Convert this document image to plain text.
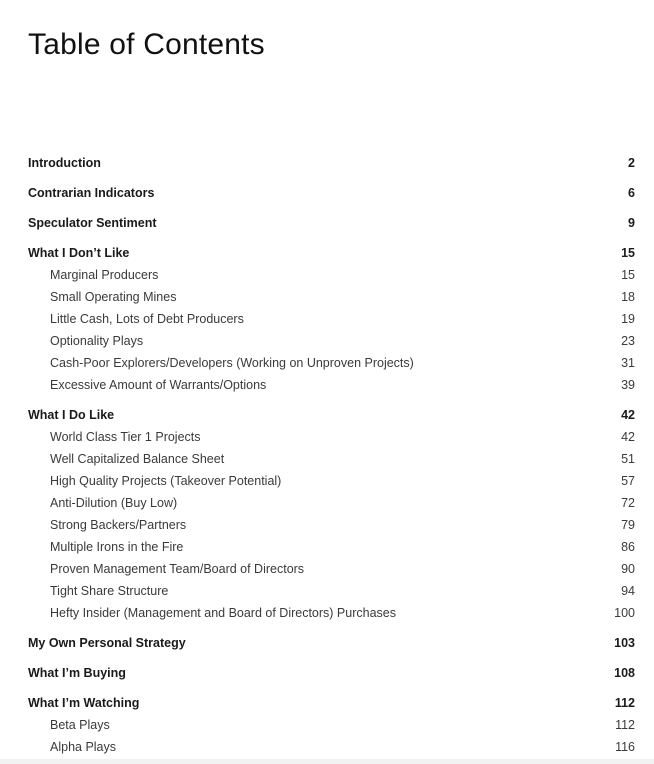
Table of Contents
Introduction	2
Contrarian Indicators	6
Speculator Sentiment	9
What I Don’t Like	15
Marginal Producers	15
Small Operating Mines	18
Little Cash, Lots of Debt Producers	19
Optionality Plays	23
Cash-Poor Explorers/Developers (Working on Unproven Projects)	31
Excessive Amount of Warrants/Options	39
What I Do Like	42
World Class Tier 1 Projects	42
Well Capitalized Balance Sheet	51
High Quality Projects (Takeover Potential)	57
Anti-Dilution (Buy Low)	72
Strong Backers/Partners	79
Multiple Irons in the Fire	86
Proven Management Team/Board of Directors	90
Tight Share Structure	94
Hefty Insider (Management and Board of Directors) Purchases	100
My Own Personal Strategy	103
What I’m Buying	108
What I’m Watching	112
Beta Plays	112
Alpha Plays	116
